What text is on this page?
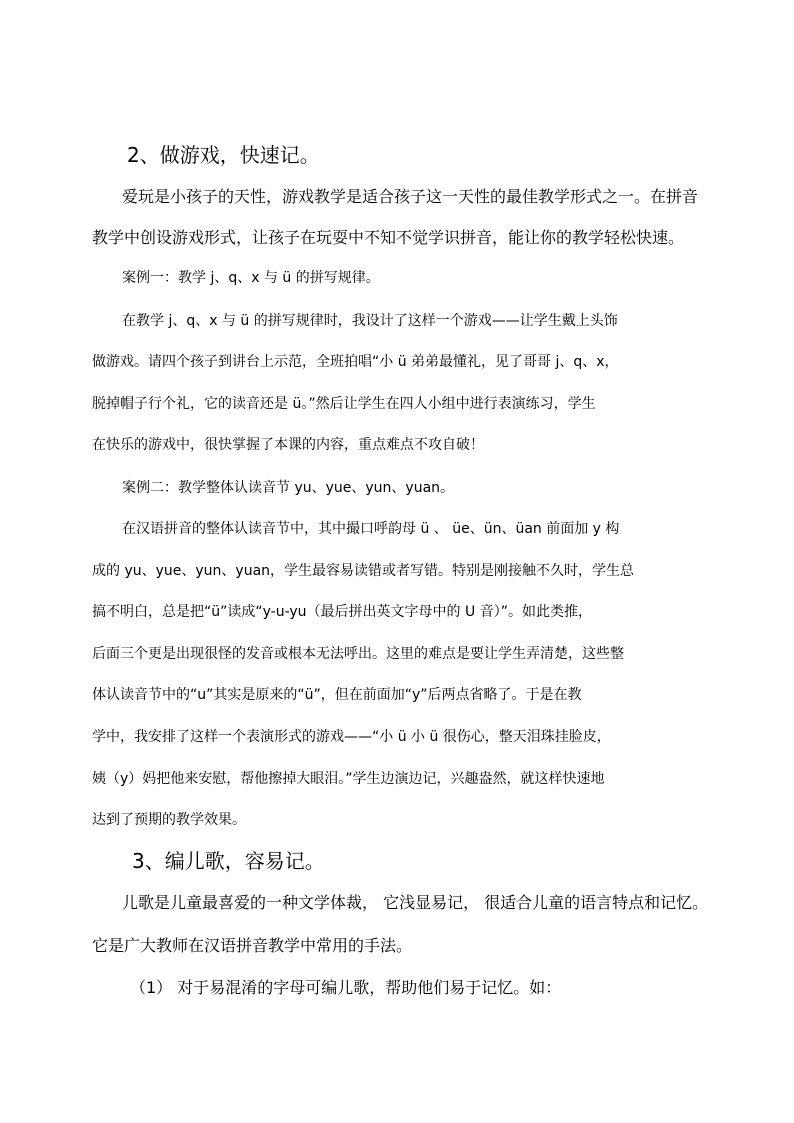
2、做游戏，快速记。
爱玩是小孩子的天性，游戏教学是适合孩子这一天性的最佳教学形式之一。在拼音
教学中创设游戏形式，让孩子在玩耍中不知不觉学识拼音，能让你的教学轻松快速。
案例一：教学 j、q、x 与 ü 的拼写规律。
在教学 j、q、x 与 ü 的拼写规律时，我设计了这样一个游戏——让学生戴上头饰
做游戏。请四个孩子到讲台上示范，全班拍唱“小 ü 弟弟最懂礼，见了哥哥 j、q、x，
脱掉帽子行个礼，它的读音还是 ü。”然后让学生在四人小组中进行表演练习，学生
在快乐的游戏中，很快掌握了本课的内容，重点难点不攻自破！
案例二：教学整体认读音节 yu、yue、yun、yuan。
在汉语拼音的整体认读音节中，其中撮口呼韵母 ü 、 üe、ün、üan 前面加 y 构
成的 yu、yue、yun、yuan，学生最容易读错或者写错。特别是刚接触不久时，学生总
搞不明白，总是把“ü”读成“y-u-yu（最后拼出英文字母中的 U 音）”。如此类推，
后面三个更是出现很怪的发音或根本无法呼出。这里的难点是要让学生弄清楚，这些整
体认读音节中的“u”其实是原来的“ü”，但在前面加“y”后两点省略了。于是在教
学中，我安排了这样一个表演形式的游戏——“小 ü 小 ü 很伤心，整天泪珠挂脸皮，
姨（y）妈把他来安慰，帮他擦掉大眼泪。”学生边演边记，兴趣盎然，就这样快速地
达到了预期的教学效果。
3、编儿歌，容易记。
儿歌是儿童最喜爱的一种文学体裁， 它浅显易记， 很适合儿童的语言特点和记忆。
它是广大教师在汉语拼音教学中常用的手法。
（1） 对于易混淆的字母可编儿歌，帮助他们易于记忆。如：
